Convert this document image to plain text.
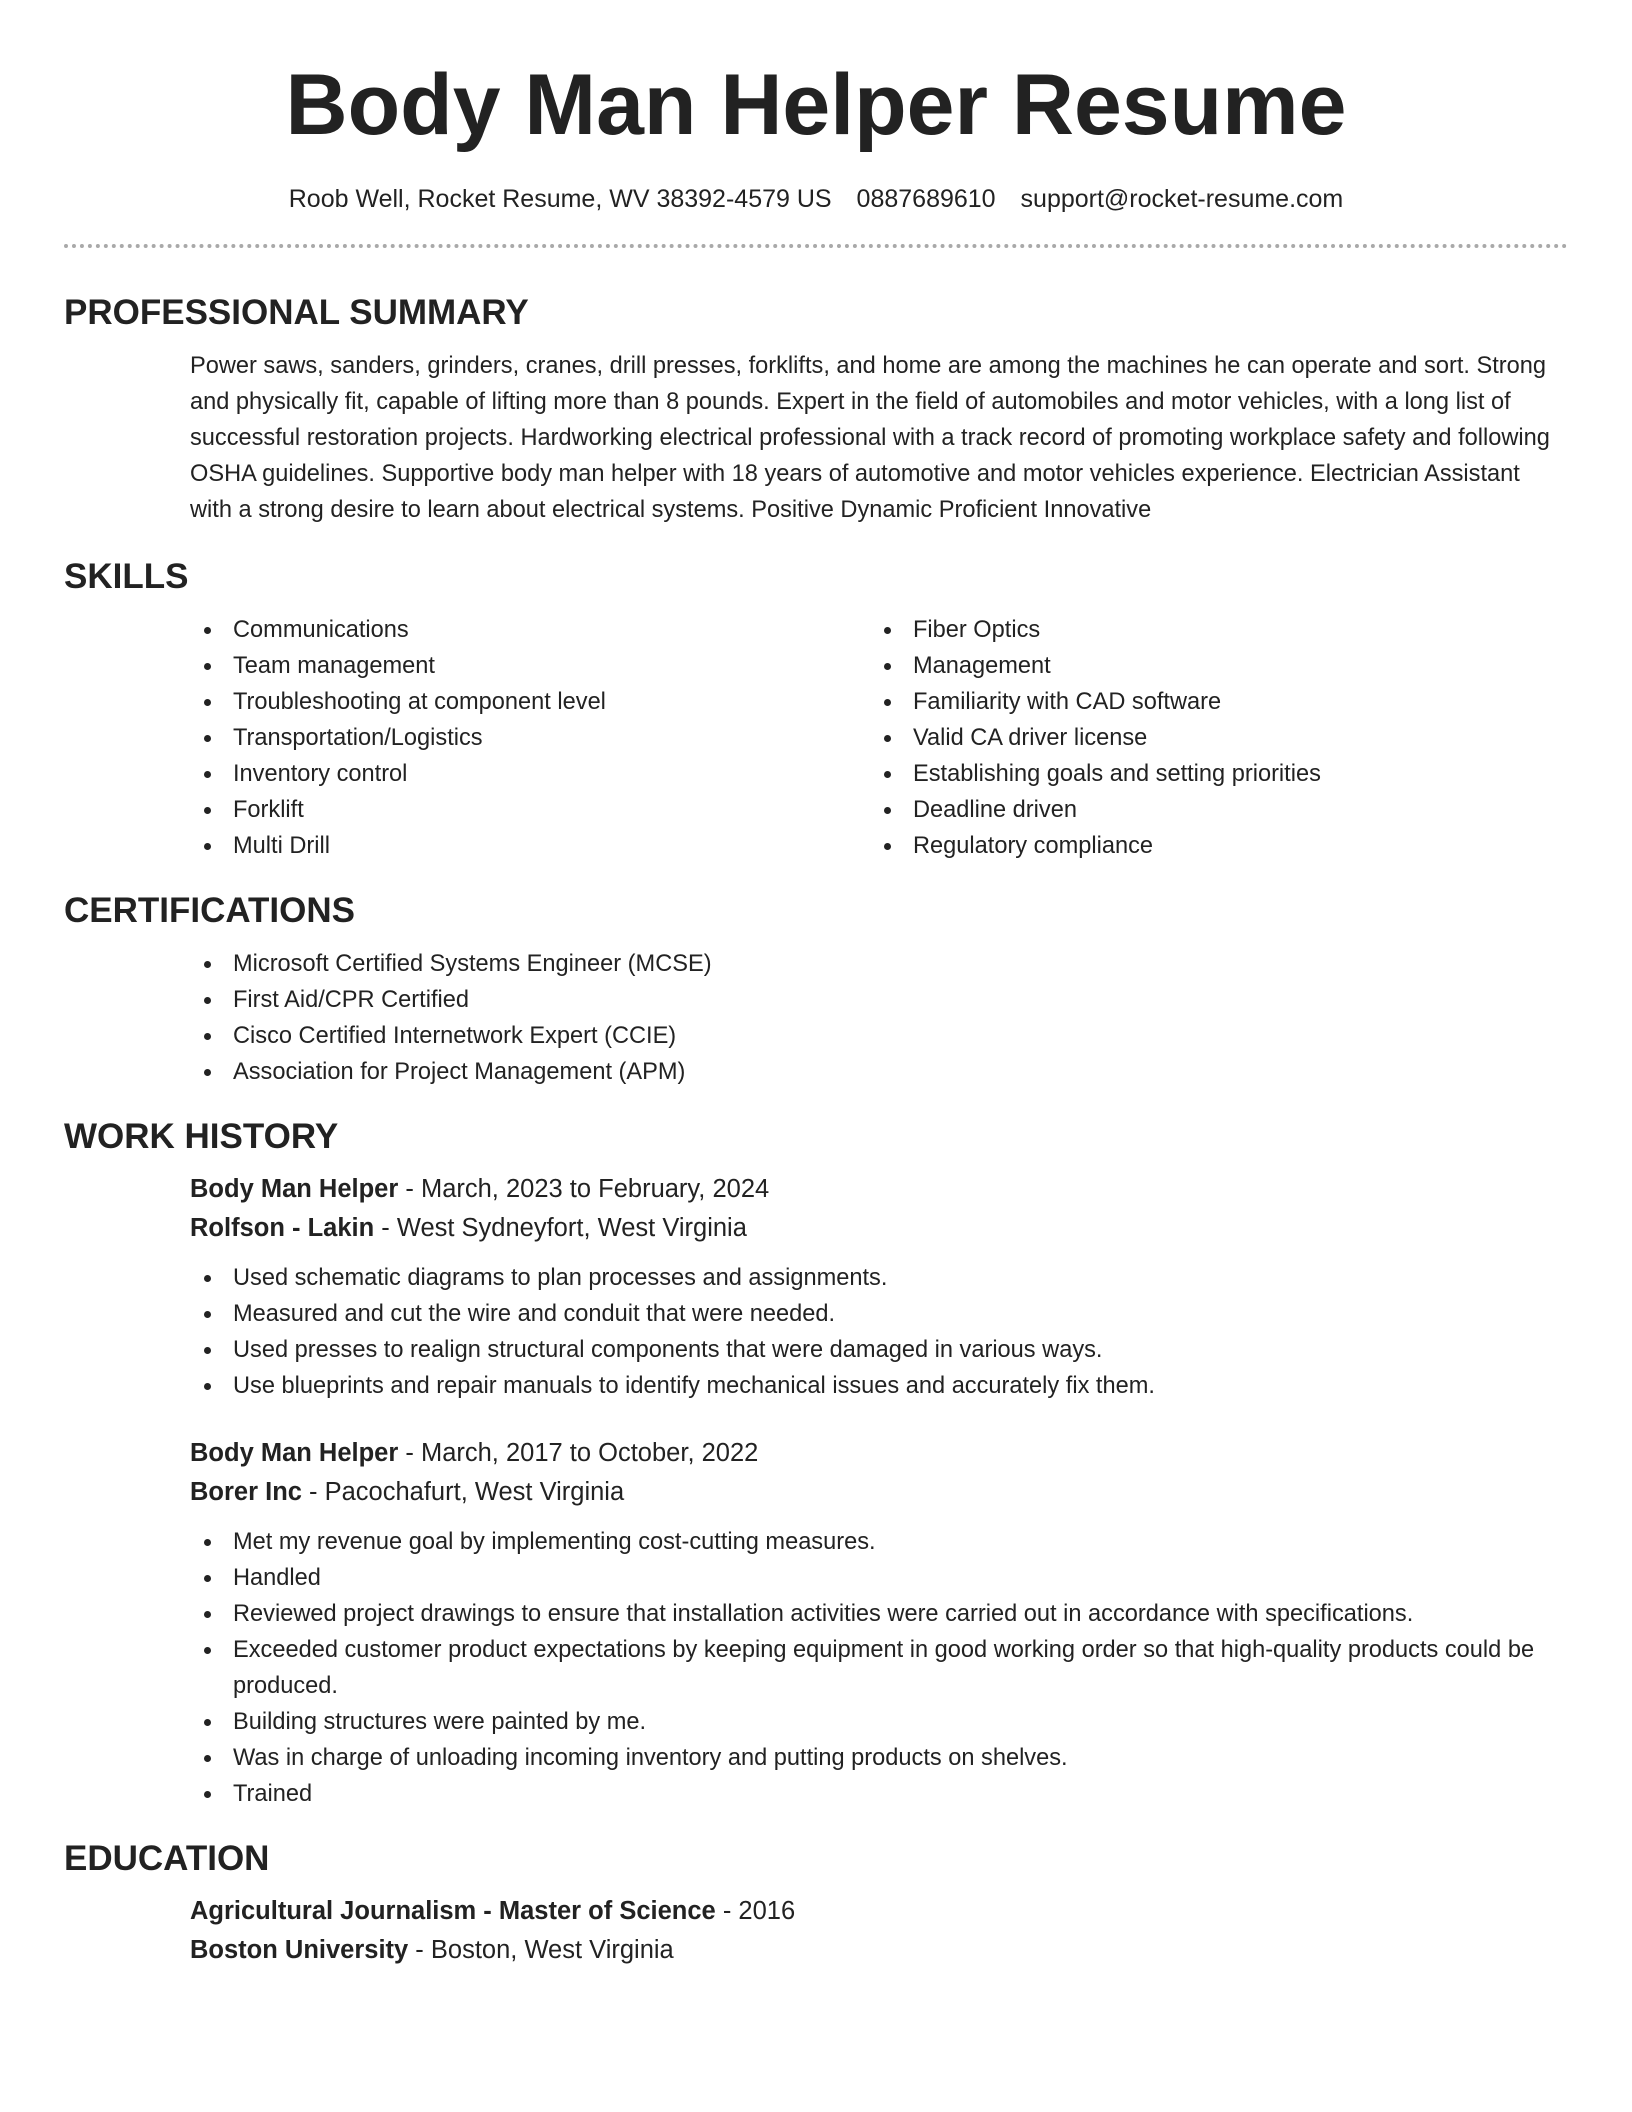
Body Man Helper Resume
Roob Well, Rocket Resume, WV 38392-4579 US 0887689610 support@rocket-resume.com
PROFESSIONAL SUMMARY

Power saws, sanders, grinders, cranes, drill presses, forklifts, and home are among the machines he can operate and sort. Strong and physically fit, capable of lifting more than 8 pounds. Expert in the field of automobiles and motor vehicles, with a long list of successful restoration projects. Hardworking electrical professional with a track record of promoting workplace safety and following OSHA guidelines. Supportive body man helper with 18 years of automotive and motor vehicles experience. Electrician Assistant with a strong desire to learn about electrical systems. Positive Dynamic Proficient Innovative

SKILLS
Communications
Team management
Troubleshooting at component level
Transportation/Logistics
Inventory control
Forklift
Multi Drill
Fiber Optics
Management
Familiarity with CAD software
Valid CA driver license
Establishing goals and setting priorities
Deadline driven
Regulatory compliance
CERTIFICATIONS
Microsoft Certified Systems Engineer (MCSE)
First Aid/CPR Certified
Cisco Certified Internetwork Expert (CCIE)
Association for Project Management (APM)
WORK HISTORY
Body Man Helper - March, 2023 to February, 2024
Rolfson - Lakin - West Sydneyfort, West Virginia
Used schematic diagrams to plan processes and assignments.
Measured and cut the wire and conduit that were needed.
Used presses to realign structural components that were damaged in various ways.
Use blueprints and repair manuals to identify mechanical issues and accurately fix them.
Body Man Helper - March, 2017 to October, 2022
Borer Inc - Pacochafurt, West Virginia
Met my revenue goal by implementing cost-cutting measures.
Handled
Reviewed project drawings to ensure that installation activities were carried out in accordance with specifications.
Exceeded customer product expectations by keeping equipment in good working order so that high-quality products could be produced.
Building structures were painted by me.
Was in charge of unloading incoming inventory and putting products on shelves.
Trained
EDUCATION
Agricultural Journalism - Master of Science - 2016
Boston University - Boston, West Virginia
